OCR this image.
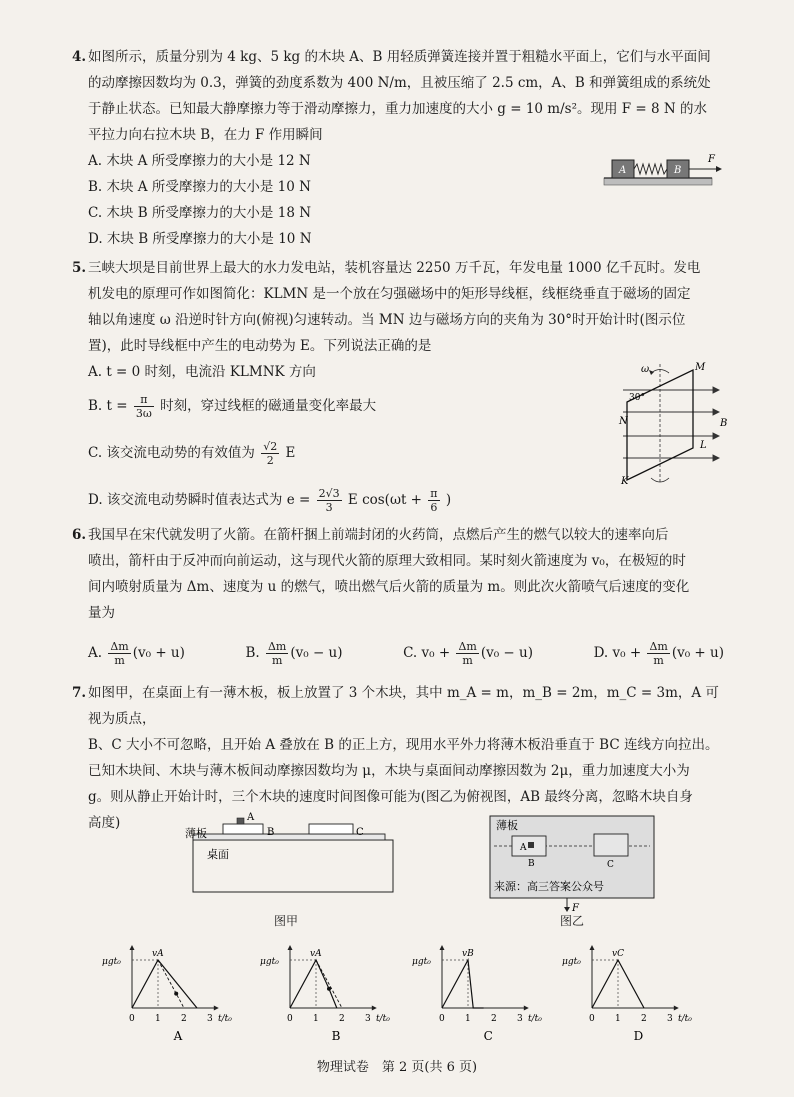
4. 如图所示，质量分别为 4 kg、5 kg 的木块 A、B 用轻质弹簧连接并置于粗糙水平面上，它们与水平面间
的动摩擦因数均为 0.3，弹簧的劲度系数为 400 N/m，且被压缩了 2.5 cm，A、B 和弹簧组成的系统处
于静止状态。已知最大静摩擦力等于滑动摩擦力，重力加速度的大小 g = 10 m/s²。现用 F = 8 N 的水
平拉力向右拉木块 B，在力 F 作用瞬间
A. 木块 A 所受摩擦力的大小是 12 N
B. 木块 A 所受摩擦力的大小是 10 N
C. 木块 B 所受摩擦力的大小是 18 N
D. 木块 B 所受摩擦力的大小是 10 N
A	B
F
5. 三峡大坝是目前世界上最大的水力发电站，装机容量达 2250 万千瓦，年发电量 1000 亿千瓦时。发电
机发电的原理可作如图简化：KLMN 是一个放在匀强磁场中的矩形导线框，线框绕垂直于磁场的固定
轴以角速度 ω 沿逆时针方向(俯视)匀速转动。当 MN 边与磁场方向的夹角为 30°时开始计时(图示位
置)，此时导线框中产生的电动势为 E。下列说法正确的是
A. t = 0 时刻，电流沿 KLMNK 方向
B. $t = \frac{\pi}{3\omega}$ 时刻，穿过线框的磁通量变化率最大
C. 该交流电动势的有效值为 $\frac{√2}{2}$ E
D. 该交流电动势瞬时值表达式为 $e = \frac{2√3}{3}$ E $\cos(\omega t + \frac{\pi}{6}$ )
ω
30°
M
N	B
L
K
6. 我国早在宋代就发明了火箭。在箭杆捆上前端封闭的火药筒，点燃后产生的燃气以较大的速率向后
喷出，箭杆由于反冲而向前运动，这与现代火箭的原理大致相同。某时刻火箭速度为 v₀，在极短的时
间内喷射质量为 Δm、速度为 u 的燃气，喷出燃气后火箭的质量为 m。则此次火箭喷气后速度的变化
量为
A. $\frac{\Delta m}{m} (v_0 + u)$	B. $\frac{\Delta m}{m} (v_0 - u)$	C. $v_0 + \frac{\Delta m}{m} (v_0 - u)$	D. $v_0 + \frac{\Delta m}{m} (v_0 + u)$
7. 如图甲，在桌面上有一薄木板，板上放置了 3 个木块，其中 m_A = m，m_B = 2m，m_C = 3m，A 可视为质点，
B、C 大小不可忽略，且开始 A 叠放在 B 的正上方，现用水平外力将薄木板沿垂直于 BC 连线方向拉出。
已知木块间、木块与薄木板间动摩擦因数均为 μ，木块与桌面间动摩擦因数为 2μ，重力加速度大小为
g。则从静止开始计时，三个木块的速度时间图像可能为(图乙为俯视图，AB 最终分离，忽略木块自身
高度)
薄板
桌面
A
B	C
图甲
薄板
A
B	C
来源：高三答案公众号
F
图乙
μgt₀
vA
0 1 2 3 t/t₀
A
μgt₀
vA
0 1 2 3 t/t₀
B
μgt₀
vB
0 1 2 3 t/t₀
C
μgt₀
vC
0 1 2 3 t/t₀
D
物理试卷　第 2 页(共 6 页)
